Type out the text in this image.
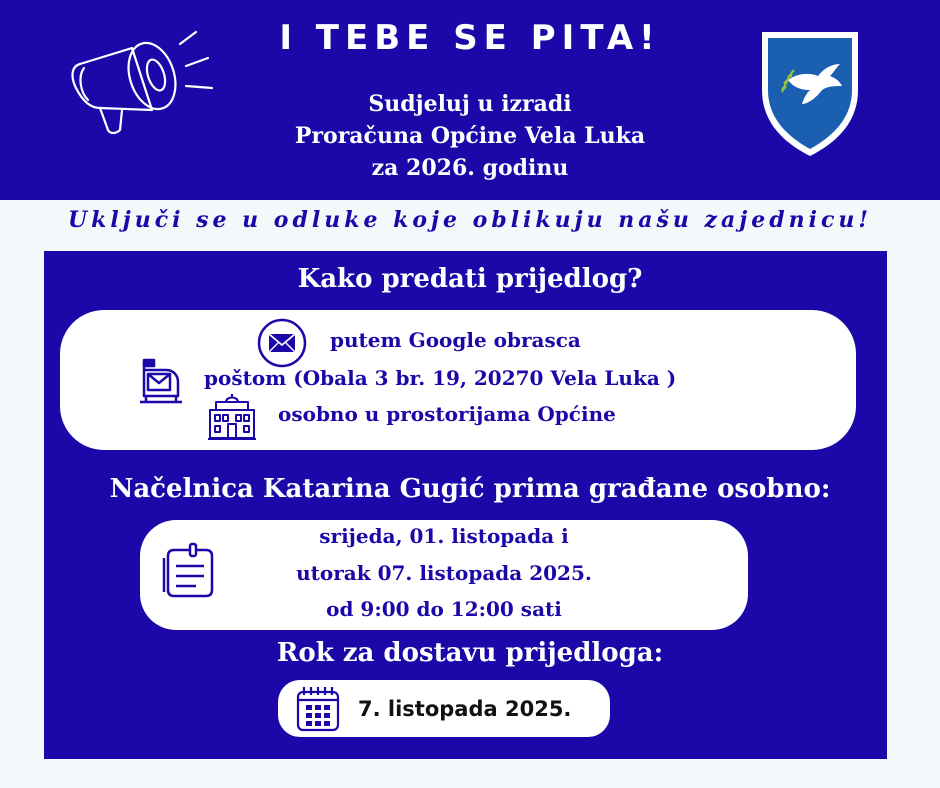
I TEBE SE PITA!
Sudjeluj u izradi
Proračuna Općine Vela Luka
za 2026. godinu
Uključi se u odluke koje oblikuju našu zajednicu!
Kako predati prijedlog?
putem Google obrasca
poštom (Obala 3 br. 19, 20270 Vela Luka )
osobno u prostorijama Općine
Načelnica Katarina Gugić prima građane osobno:
srijeda, 01. listopada i
utorak 07. listopada 2025.
od 9:00 do 12:00 sati
Rok za dostavu prijedloga:
7. listopada 2025.
